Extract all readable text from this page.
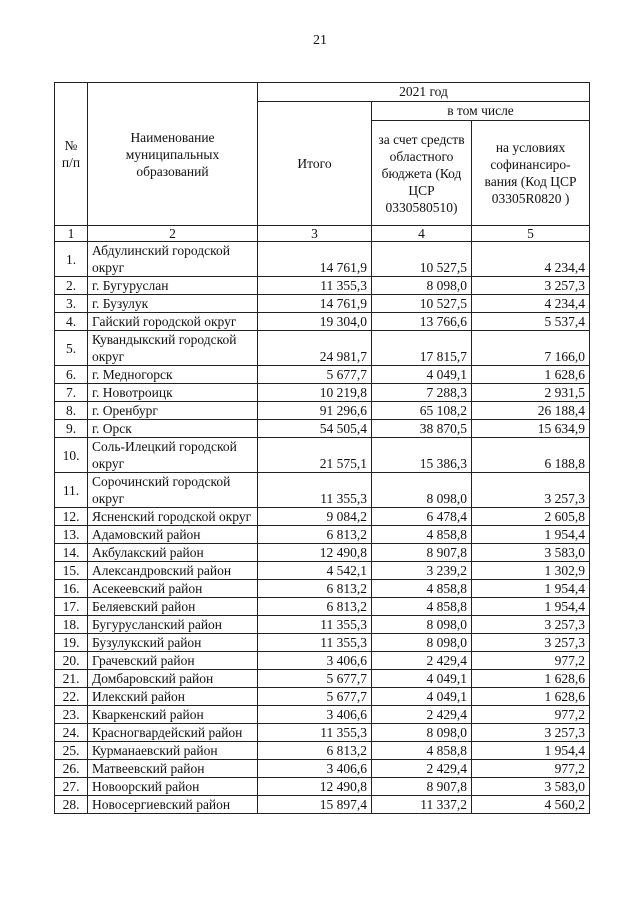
21
№ п/п	Наименование муниципальных образований	2021 год		
		Итого	в том числе	
			за счет средств областного бюджета (Код ЦСР 0330580510)	на условиях софинансиро-вания (Код ЦСР 03305R0820 )
1	2	3	4	5
1.	Абдулинский городской округ	14 761,9	10 527,5	4 234,4
2.	г. Бугуруслан	11 355,3	8 098,0	3 257,3
3.	г. Бузулук	14 761,9	10 527,5	4 234,4
4.	Гайский городской округ	19 304,0	13 766,6	5 537,4
5.	Кувандыкский городской округ	24 981,7	17 815,7	7 166,0
6.	г. Медногорск	5 677,7	4 049,1	1 628,6
7.	г. Новотроицк	10 219,8	7 288,3	2 931,5
8.	г. Оренбург	91 296,6	65 108,2	26 188,4
9.	г. Орск	54 505,4	38 870,5	15 634,9
10.	Соль-Илецкий городской округ	21 575,1	15 386,3	6 188,8
11.	Сорочинский городской округ	11 355,3	8 098,0	3 257,3
12.	Ясненский городской округ	9 084,2	6 478,4	2 605,8
13.	Адамовский район	6 813,2	4 858,8	1 954,4
14.	Акбулакский район	12 490,8	8 907,8	3 583,0
15.	Александровский район	4 542,1	3 239,2	1 302,9
16.	Асекеевский район	6 813,2	4 858,8	1 954,4
17.	Беляевский район	6 813,2	4 858,8	1 954,4
18.	Бугурусланский район	11 355,3	8 098,0	3 257,3
19.	Бузулукский район	11 355,3	8 098,0	3 257,3
20.	Грачевский район	3 406,6	2 429,4	977,2
21.	Домбаровский район	5 677,7	4 049,1	1 628,6
22.	Илекский район	5 677,7	4 049,1	1 628,6
23.	Кваркенский район	3 406,6	2 429,4	977,2
24.	Красногвардейский район	11 355,3	8 098,0	3 257,3
25.	Курманаевский район	6 813,2	4 858,8	1 954,4
26.	Матвеевский район	3 406,6	2 429,4	977,2
27.	Новоорский район	12 490,8	8 907,8	3 583,0
28.	Новосергиевский район	15 897,4	11 337,2	4 560,2
